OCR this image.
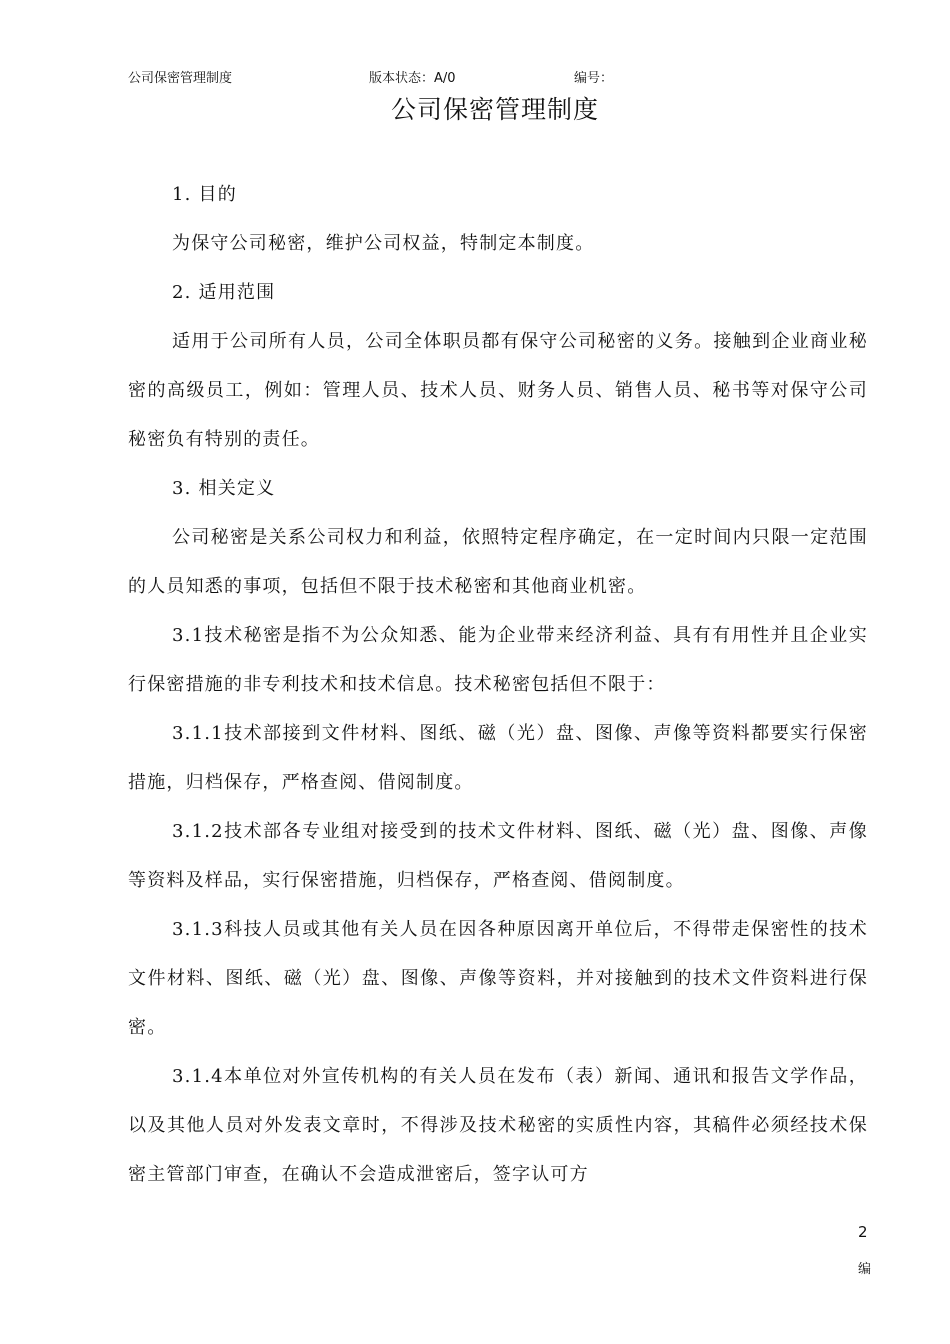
公司保密管理制度	版本状态：A/0	编号：
公司保密管理制度

1. 目的

为保守公司秘密，维护公司权益，特制定本制度。

2. 适用范围

适用于公司所有人员，公司全体职员都有保守公司秘密的义务。接触到企业商业秘密的高级员工，例如：管理人员、技术人员、财务人员、销售人员、秘书等对保守公司秘密负有特别的责任。

3. 相关定义

公司秘密是关系公司权力和利益，依照特定程序确定，在一定时间内只限一定范围的人员知悉的事项，包括但不限于技术秘密和其他商业机密。

3.1技术秘密是指不为公众知悉、能为企业带来经济利益、具有有用性并且企业实行保密措施的非专利技术和技术信息。技术秘密包括但不限于：

3.1.1技术部接到文件材料、图纸、磁（光）盘、图像、声像等资料都要实行保密措施，归档保存，严格查阅、借阅制度。

3.1.2技术部各专业组对接受到的技术文件材料、图纸、磁（光）盘、图像、声像等资料及样品，实行保密措施，归档保存，严格查阅、借阅制度。

3.1.3科技人员或其他有关人员在因各种原因离开单位后，不得带走保密性的技术文件材料、图纸、磁（光）盘、图像、声像等资料，并对接触到的技术文件资料进行保密。

3.1.4本单位对外宣传机构的有关人员在发布（表）新闻、通讯和报告文学作品，以及其他人员对外发表文章时，不得涉及技术秘密的实质性内容，其稿件必须经技术保密主管部门审查，在确认不会造成泄密后，签字认可方

2
编
